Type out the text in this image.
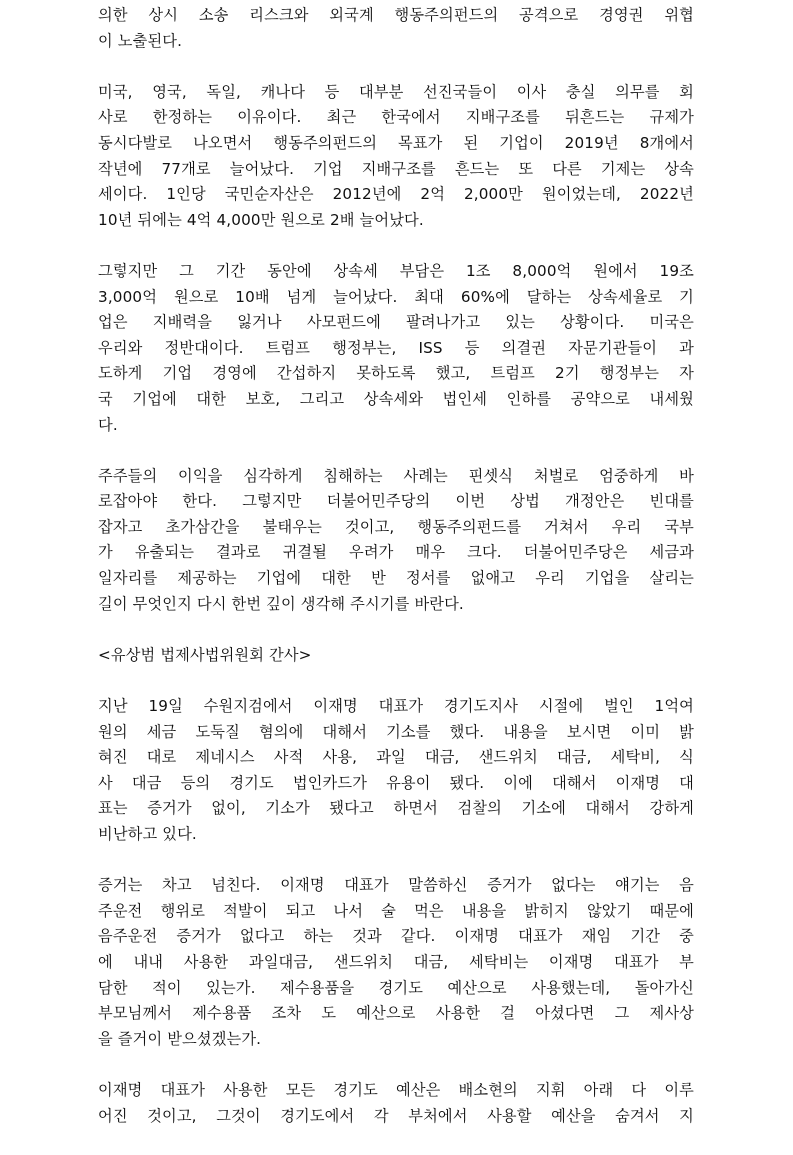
의한 상시 소송 리스크와 외국계 행동주의펀드의 공격으로 경영권 위협
이 노출된다.
미국, 영국, 독일, 캐나다 등 대부분 선진국들이 이사 충실 의무를 회
사로 한정하는 이유이다. 최근 한국에서 지배구조를 뒤흔드는 규제가
동시다발로 나오면서 행동주의펀드의 목표가 된 기업이 2019년 8개에서
작년에 77개로 늘어났다. 기업 지배구조를 흔드는 또 다른 기제는 상속
세이다. 1인당 국민순자산은 2012년에 2억 2,000만 원이었는데, 2022년
10년 뒤에는 4억 4,000만 원으로 2배 늘어났다.
그렇지만 그 기간 동안에 상속세 부담은 1조 8,000억 원에서 19조
3,000억 원으로 10배 넘게 늘어났다. 최대 60%에 달하는 상속세율로 기
업은 지배력을 잃거나 사모펀드에 팔려나가고 있는 상황이다. 미국은
우리와 정반대이다. 트럼프 행정부는, ISS 등 의결권 자문기관들이 과
도하게 기업 경영에 간섭하지 못하도록 했고, 트럼프 2기 행정부는 자
국 기업에 대한 보호, 그리고 상속세와 법인세 인하를 공약으로 내세웠
다.
주주들의 이익을 심각하게 침해하는 사례는 핀셋식 처벌로 엄중하게 바
로잡아야 한다. 그렇지만 더불어민주당의 이번 상법 개정안은 빈대를
잡자고 초가삼간을 불태우는 것이고, 행동주의펀드를 거쳐서 우리 국부
가 유출되는 결과로 귀결될 우려가 매우 크다. 더불어민주당은 세금과
일자리를 제공하는 기업에 대한 반 정서를 없애고 우리 기업을 살리는
길이 무엇인지 다시 한번 깊이 생각해 주시기를 바란다.
<유상범 법제사법위원회 간사>
지난 19일 수원지검에서 이재명 대표가 경기도지사 시절에 벌인 1억여
원의 세금 도둑질 혐의에 대해서 기소를 했다. 내용을 보시면 이미 밝
혀진 대로 제네시스 사적 사용, 과일 대금, 샌드위치 대금, 세탁비, 식
사 대금 등의 경기도 법인카드가 유용이 됐다. 이에 대해서 이재명 대
표는 증거가 없이, 기소가 됐다고 하면서 검찰의 기소에 대해서 강하게
비난하고 있다.
증거는 차고 넘친다. 이재명 대표가 말씀하신 증거가 없다는 얘기는 음
주운전 행위로 적발이 되고 나서 술 먹은 내용을 밝히지 않았기 때문에
음주운전 증거가 없다고 하는 것과 같다. 이재명 대표가 재임 기간 중
에 내내 사용한 과일대금, 샌드위치 대금, 세탁비는 이재명 대표가 부
담한 적이 있는가. 제수용품을 경기도 예산으로 사용했는데, 돌아가신
부모님께서 제수용품 조차 도 예산으로 사용한 걸 아셨다면 그 제사상
을 즐거이 받으셨겠는가.
이재명 대표가 사용한 모든 경기도 예산은 배소현의 지휘 아래 다 이루
어진 것이고, 그것이 경기도에서 각 부처에서 사용할 예산을 숨겨서 지
